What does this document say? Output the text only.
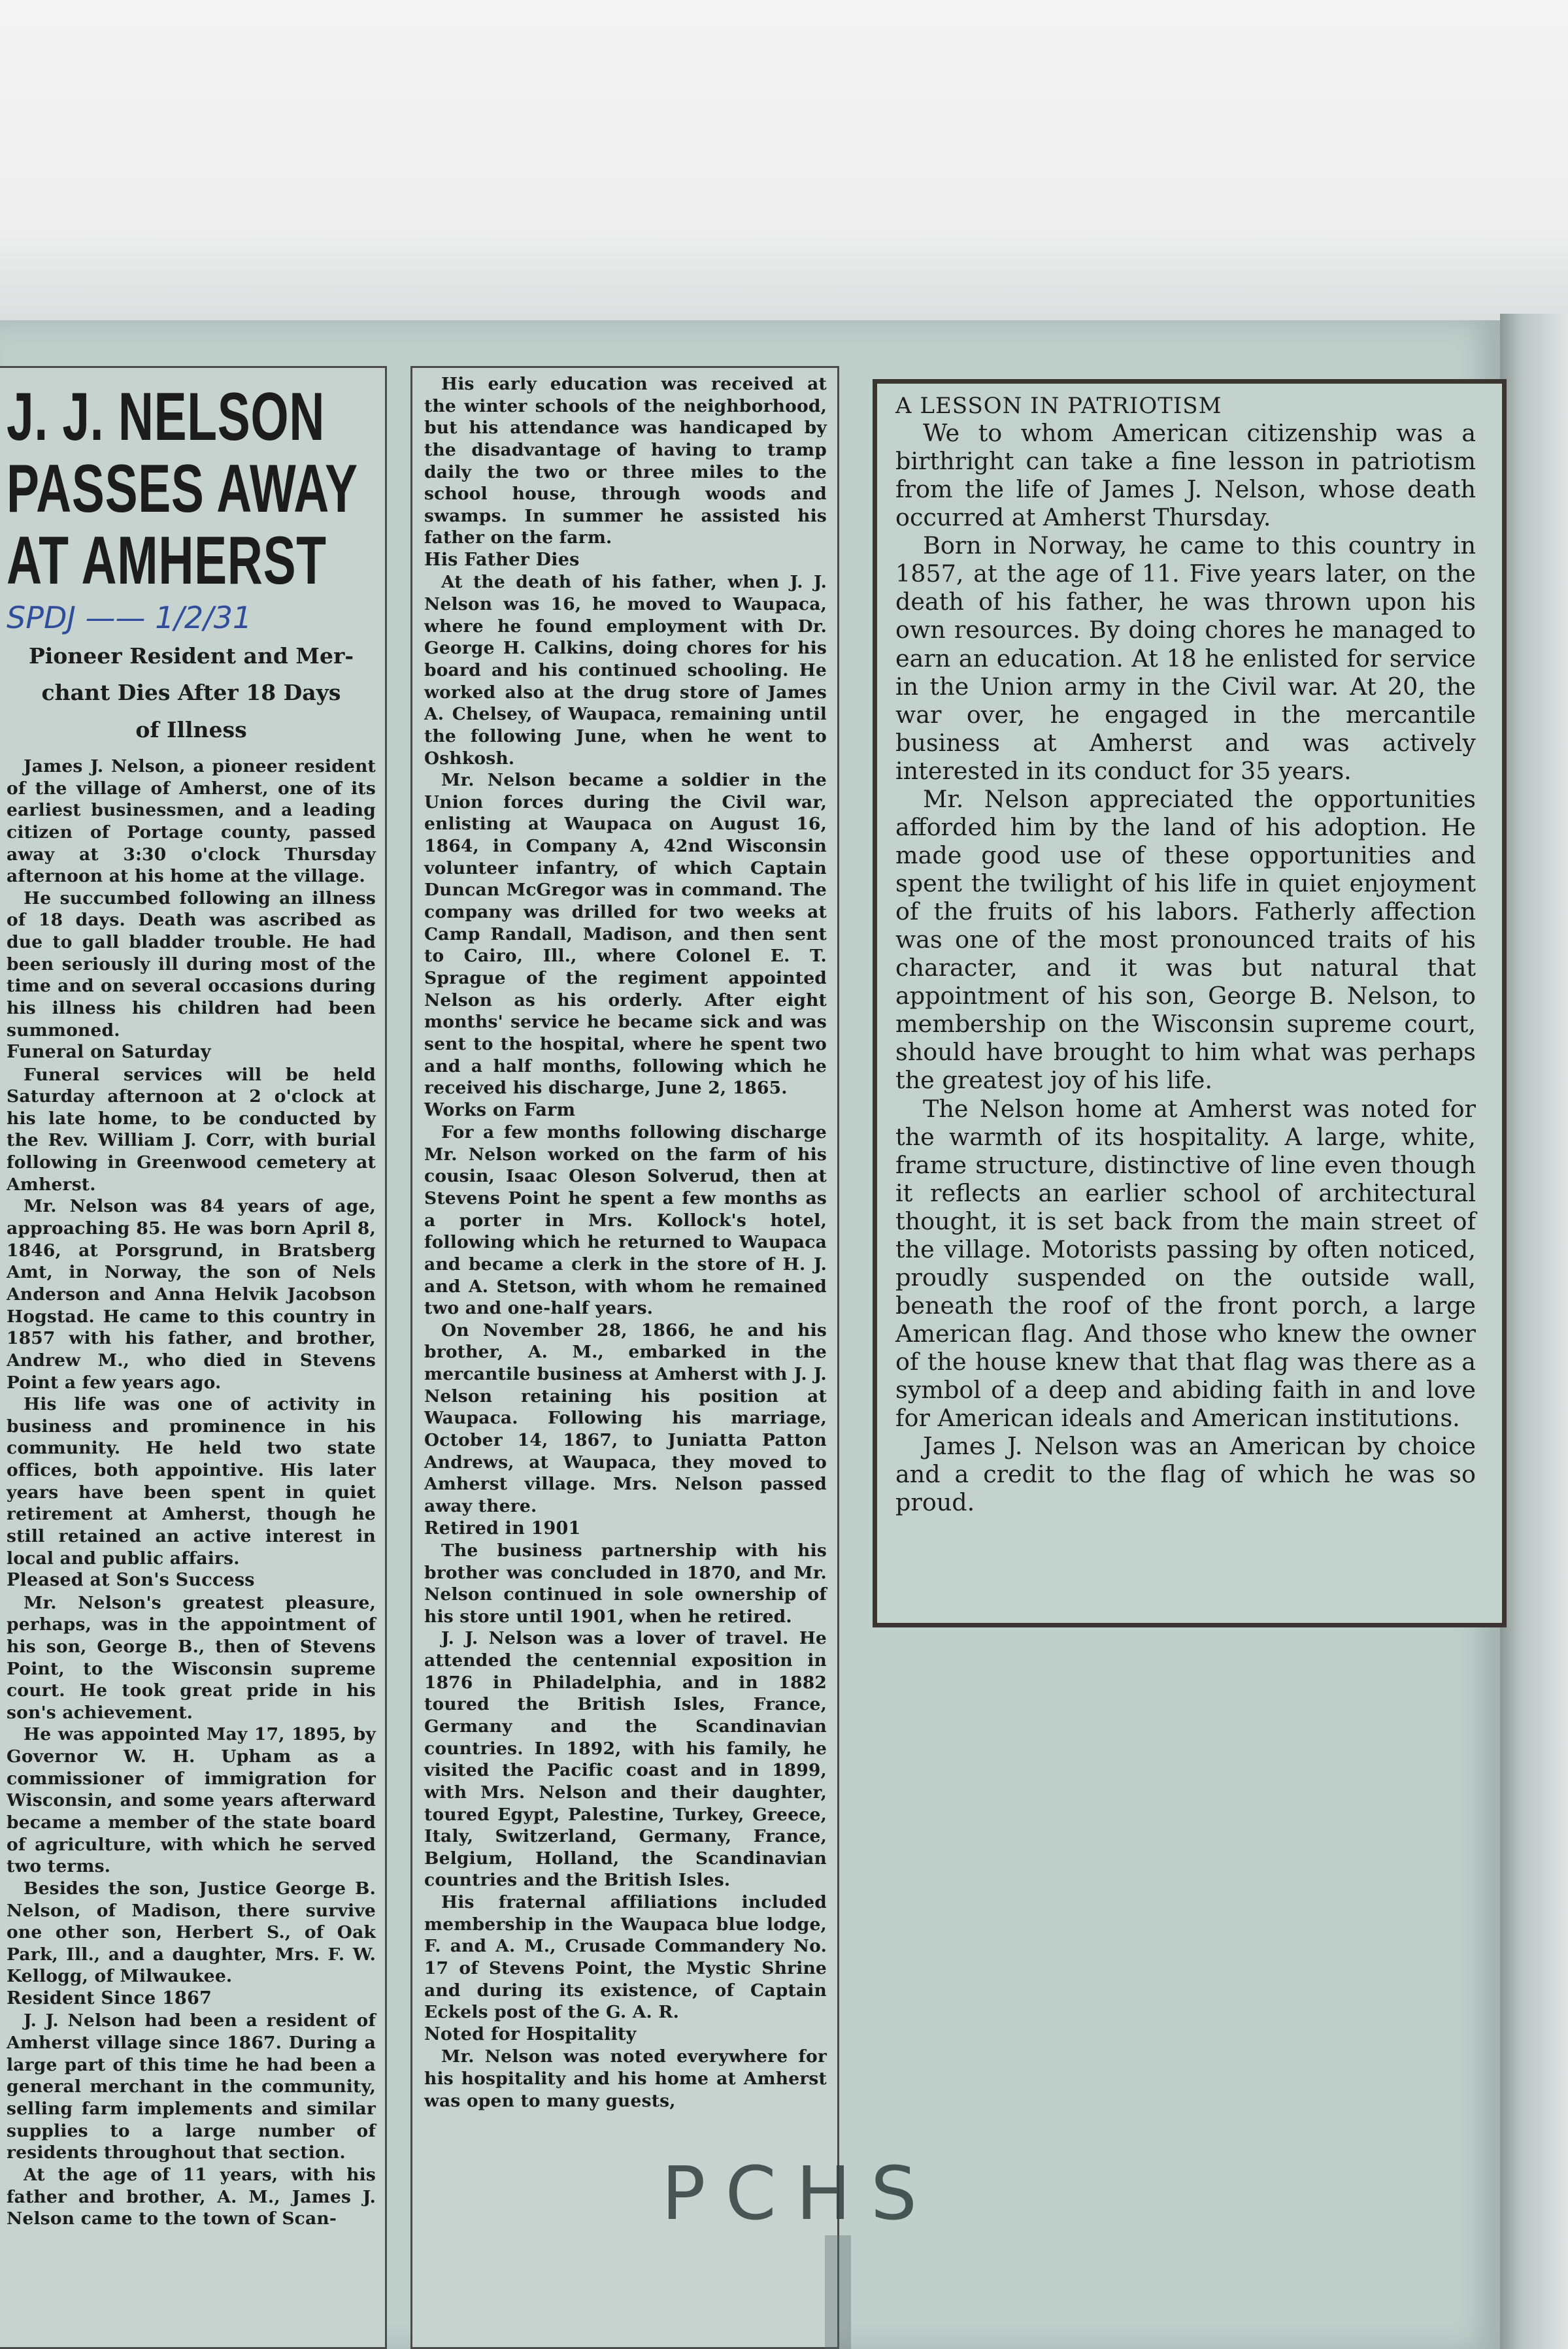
J. J. NELSON

PASSES AWAY

AT AMHERST

SPDJ —— 1/2/31
Pioneer Resident and Mer-
chant Dies After 18 Days
of Illness

James J. Nelson, a pioneer resident of the village of Amherst, one of its earliest businessmen, and a leading citizen of Portage county, passed away at 3:30 o'clock Thursday afternoon at his home at the village.

He succumbed following an illness of 18 days. Death was ascribed as due to gall bladder trouble. He had been seriously ill during most of the time and on several occasions during his illness his children had been summoned.

Funeral on Saturday

Funeral services will be held Saturday afternoon at 2 o'clock at his late home, to be conducted by the Rev. William J. Corr, with burial following in Greenwood cemetery at Amherst.

Mr. Nelson was 84 years of age, approaching 85. He was born April 8, 1846, at Porsgrund, in Bratsberg Amt, in Norway, the son of Nels Anderson and Anna Helvik Jacobson Hogstad. He came to this country in 1857 with his father, and brother, Andrew M., who died in Stevens Point a few years ago.

His life was one of activity in business and prominence in his community. He held two state offices, both appointive. His later years have been spent in quiet retirement at Amherst, though he still retained an active interest in local and public affairs.

Pleased at Son's Success

Mr. Nelson's greatest pleasure, perhaps, was in the appointment of his son, George B., then of Stevens Point, to the Wisconsin supreme court. He took great pride in his son's achievement.

He was appointed May 17, 1895, by Governor W. H. Upham as a commissioner of immigration for Wisconsin, and some years afterward became a member of the state board of agriculture, with which he served two terms.

Besides the son, Justice George B. Nelson, of Madison, there survive one other son, Herbert S., of Oak Park, Ill., and a daughter, Mrs. F. W. Kellogg, of Milwaukee.

Resident Since 1867

J. J. Nelson had been a resident of Amherst village since 1867. During a large part of this time he had been a general merchant in the community, selling farm implements and similar supplies to a large number of residents throughout that section.

At the age of 11 years, with his father and brother, A. M., James J. Nelson came to the town of Scan-

His early education was received at the winter schools of the neighborhood, but his attendance was handicaped by the disadvantage of having to tramp daily the two or three miles to the school house, through woods and swamps. In summer he assisted his father on the farm.

His Father Dies

At the death of his father, when J. J. Nelson was 16, he moved to Waupaca, where he found employment with Dr. George H. Calkins, doing chores for his board and his continued schooling. He worked also at the drug store of James A. Chelsey, of Waupaca, remaining until the following June, when he went to Oshkosh.

Mr. Nelson became a soldier in the Union forces during the Civil war, enlisting at Waupaca on August 16, 1864, in Company A, 42nd Wisconsin volunteer infantry, of which Captain Duncan McGregor was in command. The company was drilled for two weeks at Camp Randall, Madison, and then sent to Cairo, Ill., where Colonel E. T. Sprague of the regiment appointed Nelson as his orderly. After eight months' service he became sick and was sent to the hospital, where he spent two and a half months, following which he received his discharge, June 2, 1865.

Works on Farm

For a few months following discharge Mr. Nelson worked on the farm of his cousin, Isaac Oleson Solverud, then at Stevens Point he spent a few months as a porter in Mrs. Kollock's hotel, following which he returned to Waupaca and became a clerk in the store of H. J. and A. Stetson, with whom he remained two and one-half years.

On November 28, 1866, he and his brother, A. M., embarked in the mercantile business at Amherst with J. J. Nelson retaining his position at Waupaca. Following his marriage, October 14, 1867, to Juniatta Patton Andrews, at Waupaca, they moved to Amherst village. Mrs. Nelson passed away there.

Retired in 1901

The business partnership with his brother was concluded in 1870, and Mr. Nelson continued in sole ownership of his store until 1901, when he retired.

J. J. Nelson was a lover of travel. He attended the centennial exposition in 1876 in Philadelphia, and in 1882 toured the British Isles, France, Germany and the Scandinavian countries. In 1892, with his family, he visited the Pacific coast and in 1899, with Mrs. Nelson and their daughter, toured Egypt, Palestine, Turkey, Greece, Italy, Switzerland, Germany, France, Belgium, Holland, the Scandinavian countries and the British Isles.

His fraternal affiliations included membership in the Waupaca blue lodge, F. and A. M., Crusade Commandery No. 17 of Stevens Point, the Mystic Shrine and during its existence, of Captain Eckels post of the G. A. R.

Noted for Hospitality

Mr. Nelson was noted everywhere for his hospitality and his home at Amherst was open to many guests,

A LESSON IN PATRIOTISM

We to whom American citizenship was a birthright can take a fine lesson in patriotism from the life of James J. Nelson, whose death occurred at Amherst Thursday.

Born in Norway, he came to this country in 1857, at the age of 11. Five years later, on the death of his father, he was thrown upon his own resources. By doing chores he managed to earn an education. At 18 he enlisted for service in the Union army in the Civil war. At 20, the war over, he engaged in the mercantile business at Amherst and was actively interested in its conduct for 35 years.

Mr. Nelson appreciated the opportunities afforded him by the land of his adoption. He made good use of these opportunities and spent the twilight of his life in quiet enjoyment of the fruits of his labors. Fatherly affection was one of the most pronounced traits of his character, and it was but natural that appointment of his son, George B. Nelson, to membership on the Wisconsin supreme court, should have brought to him what was perhaps the greatest joy of his life.

The Nelson home at Amherst was noted for the warmth of its hospitality. A large, white, frame structure, distinctive of line even though it reflects an earlier school of architectural thought, it is set back from the main street of the village. Motorists passing by often noticed, proudly suspended on the outside wall, beneath the roof of the front porch, a large American flag. And those who knew the owner of the house knew that that flag was there as a symbol of a deep and abiding faith in and love for American ideals and American institutions.

James J. Nelson was an American by choice and a credit to the flag of which he was so proud.

PCHS
